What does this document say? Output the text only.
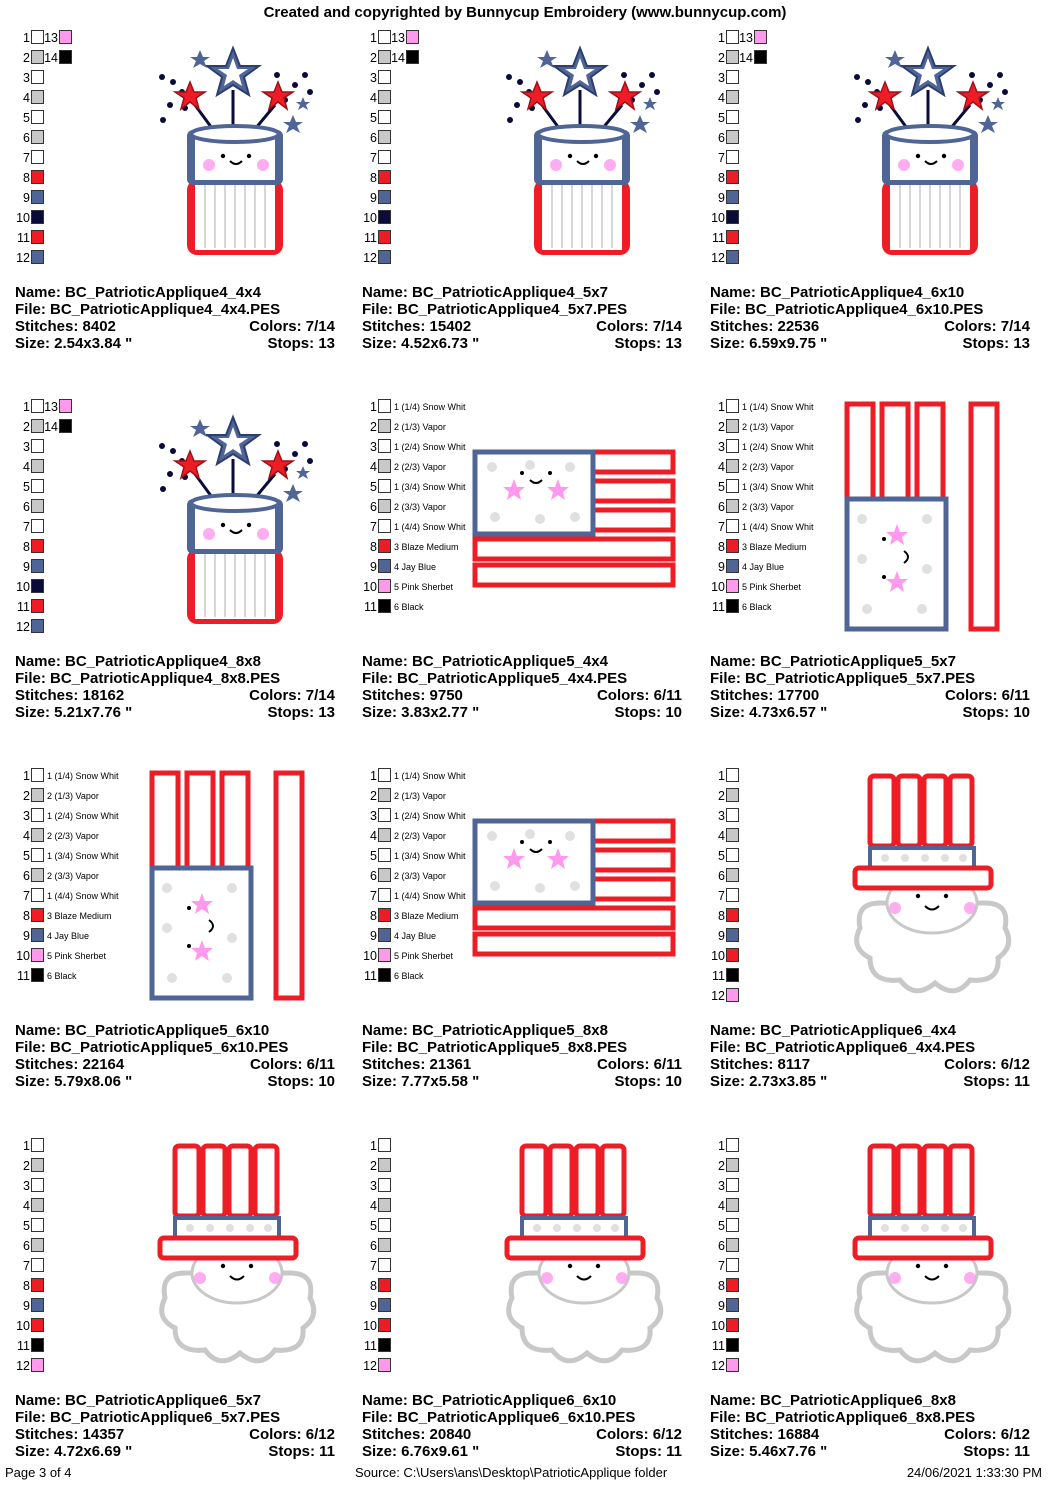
Created and copyrighted by Bunnycup Embroidery (www.bunnycup.com)
1
2
3
4
5
6
7
8
9
10
11
12
13
14
Name: BC_PatrioticApplique4_4x4
File: BC_PatrioticApplique4_4x4.PES
Stitches: 8402	Colors: 7/14
Size: 2.54x3.84 "	Stops: 13
1
2
3
4
5
6
7
8
9
10
11
12
13
14
Name: BC_PatrioticApplique4_5x7
File: BC_PatrioticApplique4_5x7.PES
Stitches: 15402	Colors: 7/14
Size: 4.52x6.73 "	Stops: 13
1
2
3
4
5
6
7
8
9
10
11
12
13
14
Name: BC_PatrioticApplique4_6x10
File: BC_PatrioticApplique4_6x10.PES
Stitches: 22536	Colors: 7/14
Size: 6.59x9.75 "	Stops: 13
1
2
3
4
5
6
7
8
9
10
11
12
13
14
Name: BC_PatrioticApplique4_8x8
File: BC_PatrioticApplique4_8x8.PES
Stitches: 18162	Colors: 7/14
Size: 5.21x7.76 "	Stops: 13
1 1 (1/4) Snow Whit
2 2 (1/3) Vapor
3 1 (2/4) Snow Whit
4 2 (2/3) Vapor
5 1 (3/4) Snow Whit
6 2 (3/3) Vapor
7 1 (4/4) Snow Whit
8 3 Blaze Medium
9 4 Jay Blue
10 5 Pink Sherbet
11 6 Black
Name: BC_PatrioticApplique5_4x4
File: BC_PatrioticApplique5_4x4.PES
Stitches: 9750	Colors: 6/11
Size: 3.83x2.77 "	Stops: 10
1 1 (1/4) Snow Whit
2 2 (1/3) Vapor
3 1 (2/4) Snow Whit
4 2 (2/3) Vapor
5 1 (3/4) Snow Whit
6 2 (3/3) Vapor
7 1 (4/4) Snow Whit
8 3 Blaze Medium
9 4 Jay Blue
10 5 Pink Sherbet
11 6 Black
Name: BC_PatrioticApplique5_5x7
File: BC_PatrioticApplique5_5x7.PES
Stitches: 17700	Colors: 6/11
Size: 4.73x6.57 "	Stops: 10
1 1 (1/4) Snow Whit
2 2 (1/3) Vapor
3 1 (2/4) Snow Whit
4 2 (2/3) Vapor
5 1 (3/4) Snow Whit
6 2 (3/3) Vapor
7 1 (4/4) Snow Whit
8 3 Blaze Medium
9 4 Jay Blue
10 5 Pink Sherbet
11 6 Black
Name: BC_PatrioticApplique5_6x10
File: BC_PatrioticApplique5_6x10.PES
Stitches: 22164	Colors: 6/11
Size: 5.79x8.06 "	Stops: 10
1 1 (1/4) Snow Whit
2 2 (1/3) Vapor
3 1 (2/4) Snow Whit
4 2 (2/3) Vapor
5 1 (3/4) Snow Whit
6 2 (3/3) Vapor
7 1 (4/4) Snow Whit
8 3 Blaze Medium
9 4 Jay Blue
10 5 Pink Sherbet
11 6 Black
Name: BC_PatrioticApplique5_8x8
File: BC_PatrioticApplique5_8x8.PES
Stitches: 21361	Colors: 6/11
Size: 7.77x5.58 "	Stops: 10
1
2
3
4
5
6
7
8
9
10
11
12
Name: BC_PatrioticApplique6_4x4
File: BC_PatrioticApplique6_4x4.PES
Stitches: 8117	Colors: 6/12
Size: 2.73x3.85 "	Stops: 11
1
2
3
4
5
6
7
8
9
10
11
12
Name: BC_PatrioticApplique6_5x7
File: BC_PatrioticApplique6_5x7.PES
Stitches: 14357	Colors: 6/12
Size: 4.72x6.69 "	Stops: 11
1
2
3
4
5
6
7
8
9
10
11
12
Name: BC_PatrioticApplique6_6x10
File: BC_PatrioticApplique6_6x10.PES
Stitches: 20840	Colors: 6/12
Size: 6.76x9.61 "	Stops: 11
1
2
3
4
5
6
7
8
9
10
11
12
Name: BC_PatrioticApplique6_8x8
File: BC_PatrioticApplique6_8x8.PES
Stitches: 16884	Colors: 6/12
Size: 5.46x7.76 "	Stops: 11
Page 3 of 4	Source: C:\Users\ans\Desktop\PatrioticApplique folder	24/06/2021 1:33:30 PM
